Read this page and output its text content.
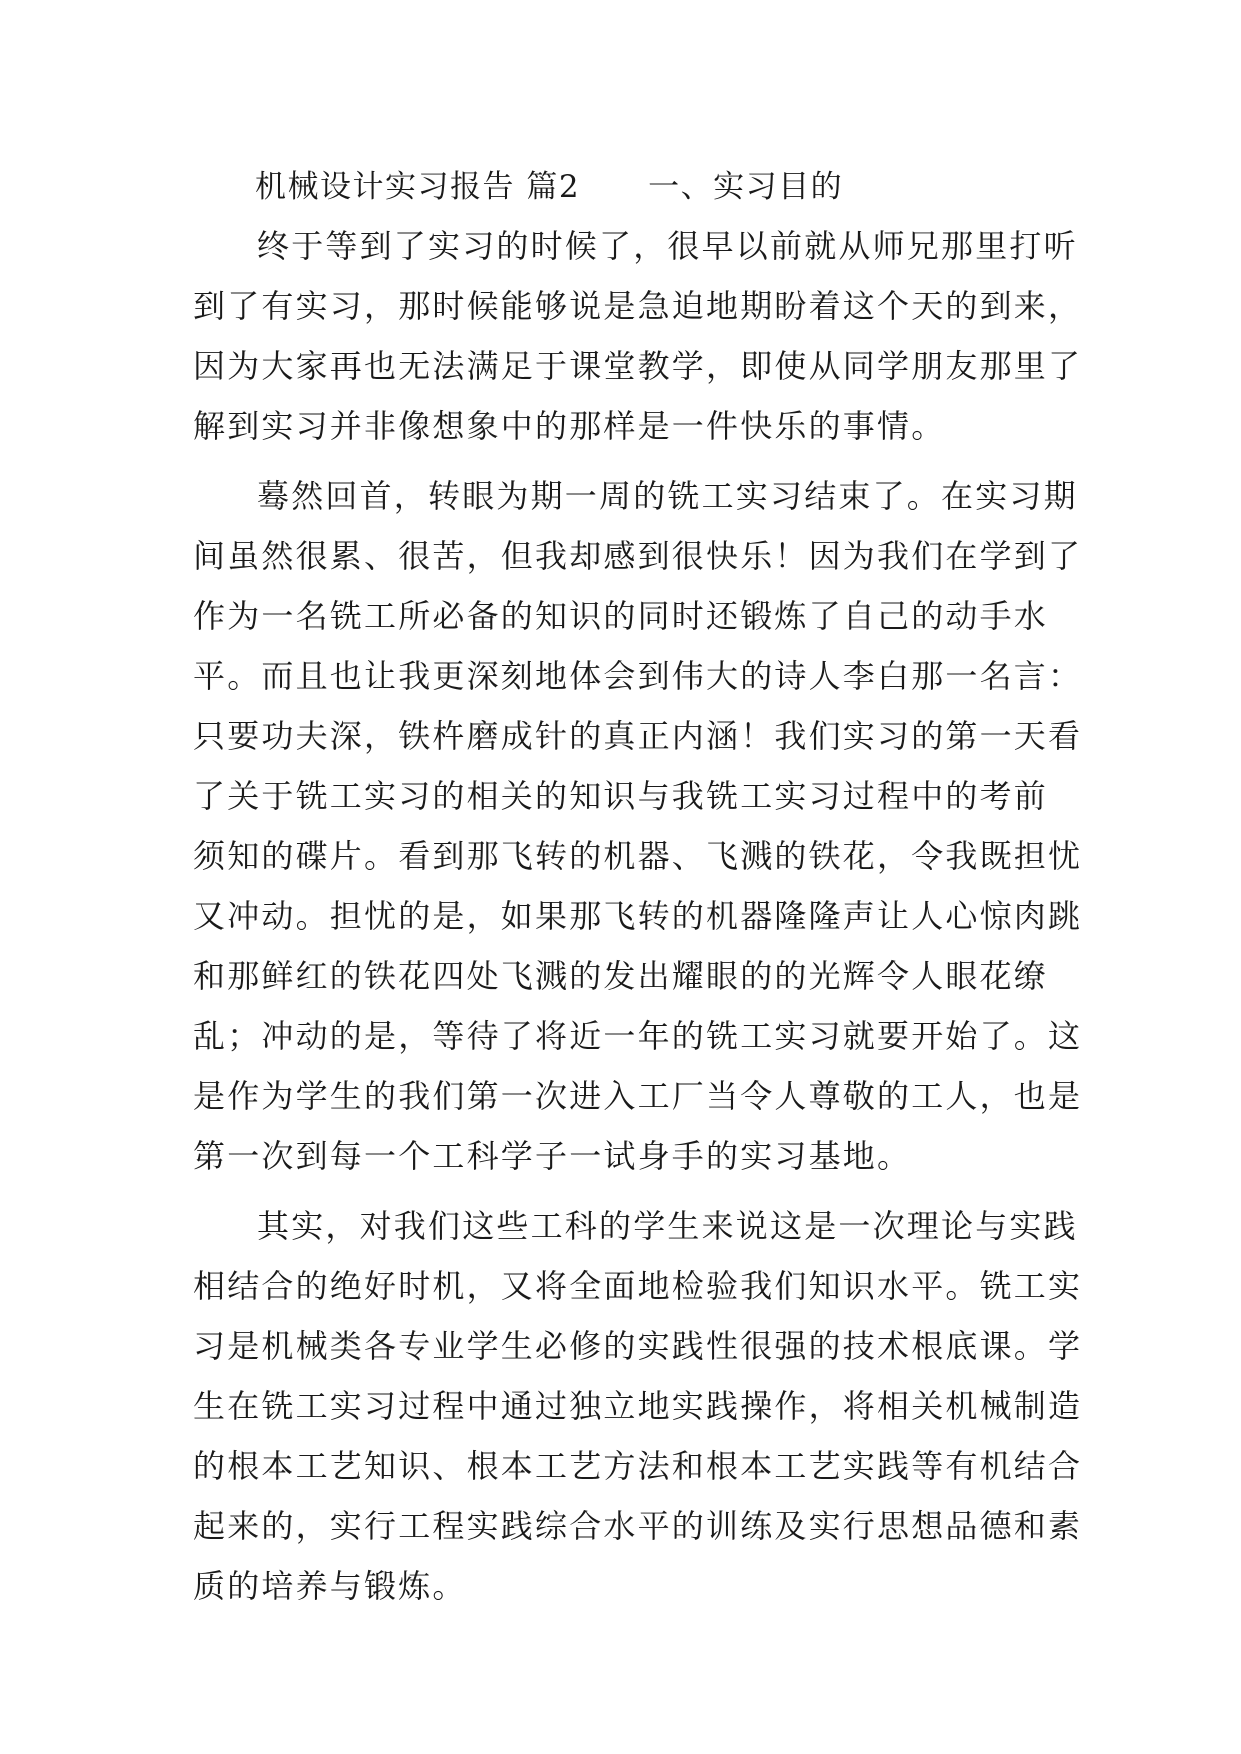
机械设计实习报告 篇2 一、实习目的
终于等到了实习的时候了，很早以前就从师兄那里打听
到了有实习，那时候能够说是急迫地期盼着这个天的到来，
因为大家再也无法满足于课堂教学，即使从同学朋友那里了
解到实习并非像想象中的那样是一件快乐的事情。
蓦然回首，转眼为期一周的铣工实习结束了。在实习期
间虽然很累、很苦，但我却感到很快乐！因为我们在学到了
作为一名铣工所必备的知识的同时还锻炼了自己的动手水
平。而且也让我更深刻地体会到伟大的诗人李白那一名言：
只要功夫深，铁杵磨成针的真正内涵！我们实习的第一天看
了关于铣工实习的相关的知识与我铣工实习过程中的考前
须知的碟片。看到那飞转的机器、飞溅的铁花，令我既担忧
又冲动。担忧的是，如果那飞转的机器隆隆声让人心惊肉跳
和那鲜红的铁花四处飞溅的发出耀眼的的光辉令人眼花缭
乱；冲动的是，等待了将近一年的铣工实习就要开始了。这
是作为学生的我们第一次进入工厂当令人尊敬的工人，也是
第一次到每一个工科学子一试身手的实习基地。
其实，对我们这些工科的学生来说这是一次理论与实践
相结合的绝好时机，又将全面地检验我们知识水平。铣工实
习是机械类各专业学生必修的实践性很强的技术根底课。学
生在铣工实习过程中通过独立地实践操作，将相关机械制造
的根本工艺知识、根本工艺方法和根本工艺实践等有机结合
起来的，实行工程实践综合水平的训练及实行思想品德和素
质的培养与锻炼。
